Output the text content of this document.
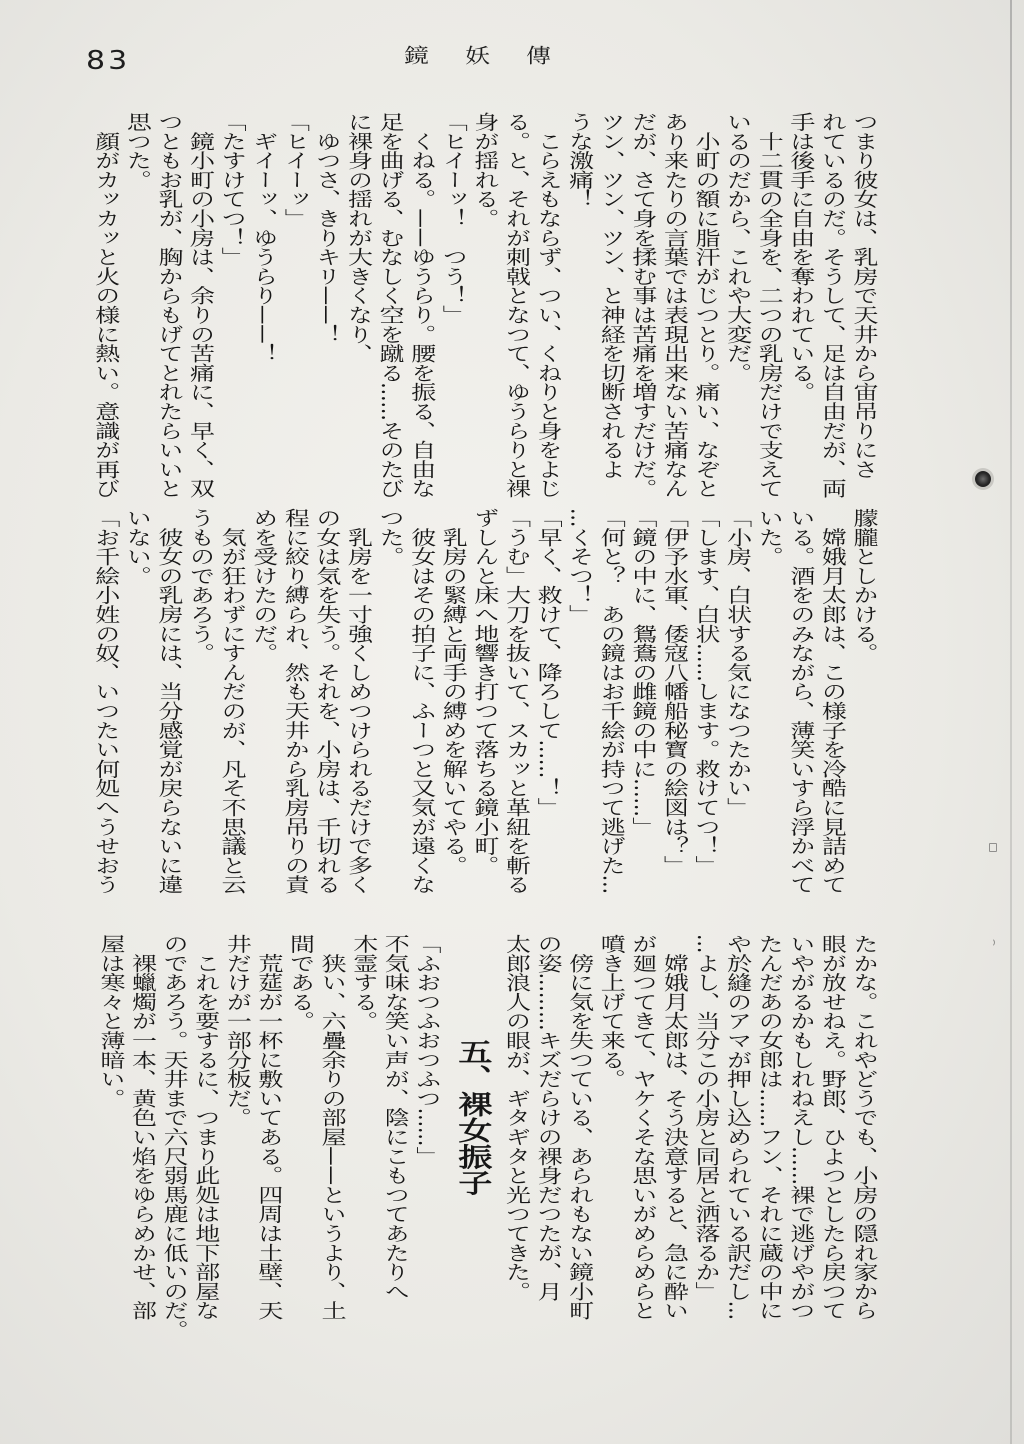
83	鏡妖傳

つまり彼女は、乳房で天井から宙吊りにさ

れているのだ。そうして、足は自由だが、両

手は後手に自由を奪われている。

十二貫の全身を、二つの乳房だけで支えて

いるのだから、これや大変だ。

小町の額に脂汗がじつとり。痛い、なぞと

あり来たりの言葉では表現出来ない苦痛なん

だが、さて身を揉む事は苦痛を増すだけだ。

ツン、ツン、ツン、と神経を切断されるよ

うな激痛！

こらえもならず、つい、くねりと身をよじ

る。と、それが刺戟となつて、ゆうらりと裸

身が揺れる。

「ヒイーッ！　つう！」

くねる。——ゆうらり。腰を振る、自由な

足を曲げる、むなしく空を蹴る……そのたび

に裸身の揺れが大きくなり、

ゆつさ、きりキリ——！

「ヒイーッ」

ギイーッ、ゆうらり——！

「たすけてつ！」

鏡小町の小房は、余りの苦痛に、早く、双

つともお乳が、胸からもげてとれたらいいと

思つた。

顔がカッカッと火の様に熱い。意識が再び

朦朧としかける。

嫦娥月太郎は、この様子を冷酷に見詰めて

いる。酒をのみながら、薄笑いすら浮かべて

いた。

「小房、白状する気になつたかい」

「します、白状……します。救けてつ！」

「伊予水軍、倭寇八幡船秘寳の絵図は？」

「鏡の中に、鴛鴦の雌鏡の中に……」

「何と？　あの鏡はお千絵が持つて逃げた…

…くそつ！」

「早く、救けて、降ろして……！」

「うむ」大刀を抜いて、スカッと革紐を斬る

ずしんと床へ地響き打つて落ちる鏡小町。

乳房の緊縛と両手の縛めを解いてやる。

彼女はその拍子に、ふーつと又気が遠くな

つた。

乳房を一寸強くしめつけられるだけで多く

の女は気を失う。それを、小房は、千切れる

程に絞り縛られ、然も天井から乳房吊りの責

めを受けたのだ。

気が狂わずにすんだのが、凡そ不思議と云

うものであろう。

彼女の乳房には、当分感覚が戻らないに違

いない。

「お千絵小姓の奴、いつたい何処へうせおう

たかな。これやどうでも、小房の隠れ家から

眼が放せねえ。野郎、ひよつとしたら戻つて

いやがるかもしれねえし……裸で逃げやがつ

たんだあの女郎は……フン、それに蔵の中に

や於縫のアマが押し込められている訳だし…

…よし、当分この小房と同居と洒落るか」

嫦娥月太郎は、そう決意すると、急に酔い

が廻つてきて、ヤケくそな思いがめらめらと

噴き上げて来る。

傍に気を失つている、あられもない鏡小町

の姿………キズだらけの裸身だつたが、月

太郎浪人の眼が、ギタギタと光つてきた。

五、裸女振子

「ふおつふおつふつ……」

不気味な笑い声が、陰にこもつてあたりへ

木霊する。

狭い、六疊余りの部屋——というより、土

間である。

荒莚が一杯に敷いてある。四周は土壁、天

井だけが一部分板だ。

これを要するに、つまり此処は地下部屋な

のであろう。天井まで六尺弱馬鹿に低いのだ。

裸蠟燭が一本、黄色い焰をゆらめかせ、部

屋は寒々と薄暗い。
